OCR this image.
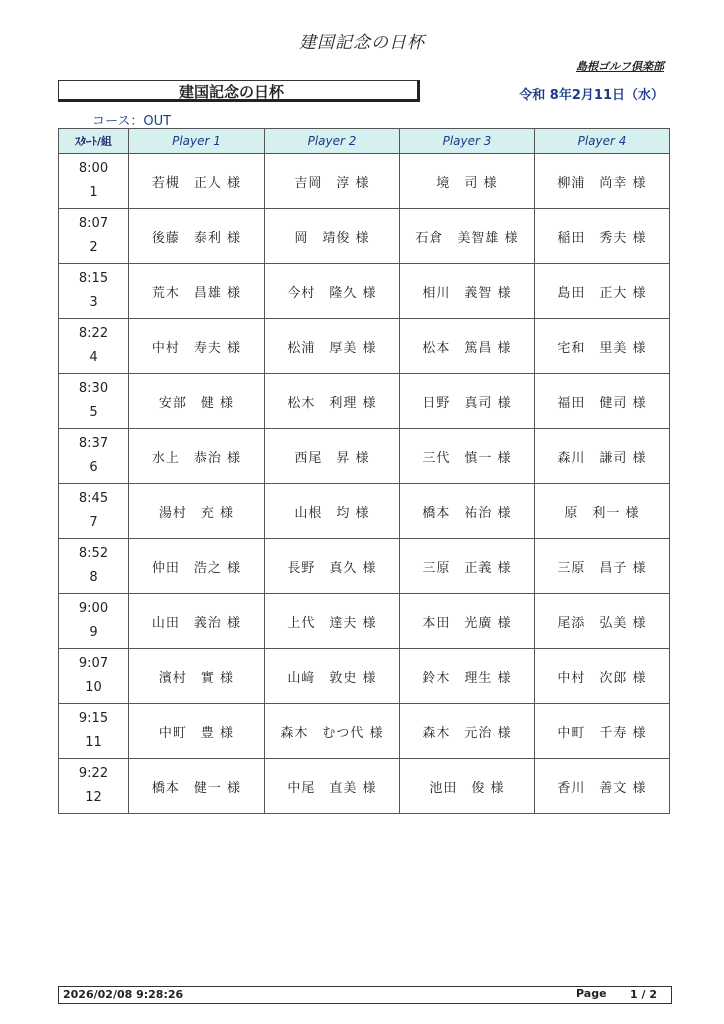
建国記念の日杯
島根ゴルフ倶楽部
建国記念の日杯	令和 8年2月11日（水）
コース：OUT
ｽﾀｰﾄ/組	Player 1	Player 2	Player 3	Player 4

8:00
1	若槻　正人 様	吉岡　淳 様	境　司 様	柳浦　尚幸 様

8:07
2	後藤　泰利 様	岡　靖俊 様	石倉　美智雄 様	稲田　秀夫 様

8:15
3	荒木　昌雄 様	今村　隆久 様	相川　義智 様	島田　正大 様

8:22
4	中村　寿夫 様	松浦　厚美 様	松本　篤昌 様	宅和　里美 様

8:30
5	安部　健 様	松木　利理 様	日野　真司 様	福田　健司 様

8:37
6	水上　恭治 様	西尾　昇 様	三代　慎一 様	森川　謙司 様

8:45
7	湯村　充 様	山根　均 様	橋本　祐治 様	原　利一 様

8:52
8	仲田　浩之 様	長野　真久 様	三原　正義 様	三原　昌子 様

9:00
9	山田　義治 様	上代　達夫 様	本田　光廣 様	尾添　弘美 様

9:07
10	濱村　實 様	山﨑　敦史 様	鈴木　理生 様	中村　次郎 様

9:15
11	中町　豊 様	森木　むつ代 様	森木　元治 様	中町　千寿 様

9:22
12	橋本　健一 様	中尾　直美 様	池田　俊 様	香川　善文 様
2026/02/08 9:28:26	Page 1 / 2
